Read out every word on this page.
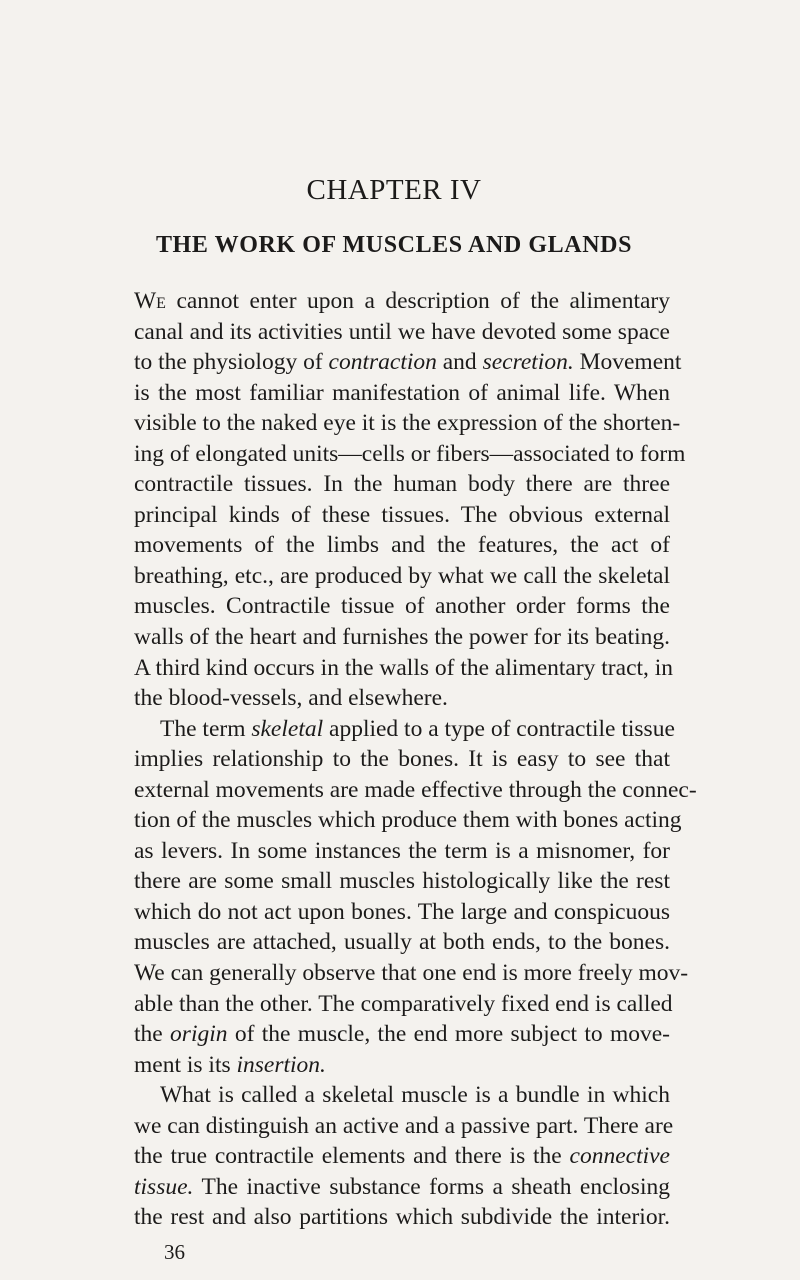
CHAPTER IV
THE WORK OF MUSCLES AND GLANDS
We cannot enter upon a description of the alimentary
canal and its activities until we have devoted some space
to the physiology of contraction and secretion. Movement
is the most familiar manifestation of animal life. When
visible to the naked eye it is the expression of the shorten-
ing of elongated units—cells or fibers—associated to form
contractile tissues. In the human body there are three
principal kinds of these tissues. The obvious external
movements of the limbs and the features, the act of
breathing, etc., are produced by what we call the skeletal
muscles. Contractile tissue of another order forms the
walls of the heart and furnishes the power for its beating.
A third kind occurs in the walls of the alimentary tract, in
the blood-vessels, and elsewhere.
The term skeletal applied to a type of contractile tissue
implies relationship to the bones. It is easy to see that
external movements are made effective through the connec-
tion of the muscles which produce them with bones acting
as levers. In some instances the term is a misnomer, for
there are some small muscles histologically like the rest
which do not act upon bones. The large and conspicuous
muscles are attached, usually at both ends, to the bones.
We can generally observe that one end is more freely mov-
able than the other. The comparatively fixed end is called
the origin of the muscle, the end more subject to move-
ment is its insertion.
What is called a skeletal muscle is a bundle in which
we can distinguish an active and a passive part. There are
the true contractile elements and there is the connective
tissue. The inactive substance forms a sheath enclosing
the rest and also partitions which subdivide the interior.
36
